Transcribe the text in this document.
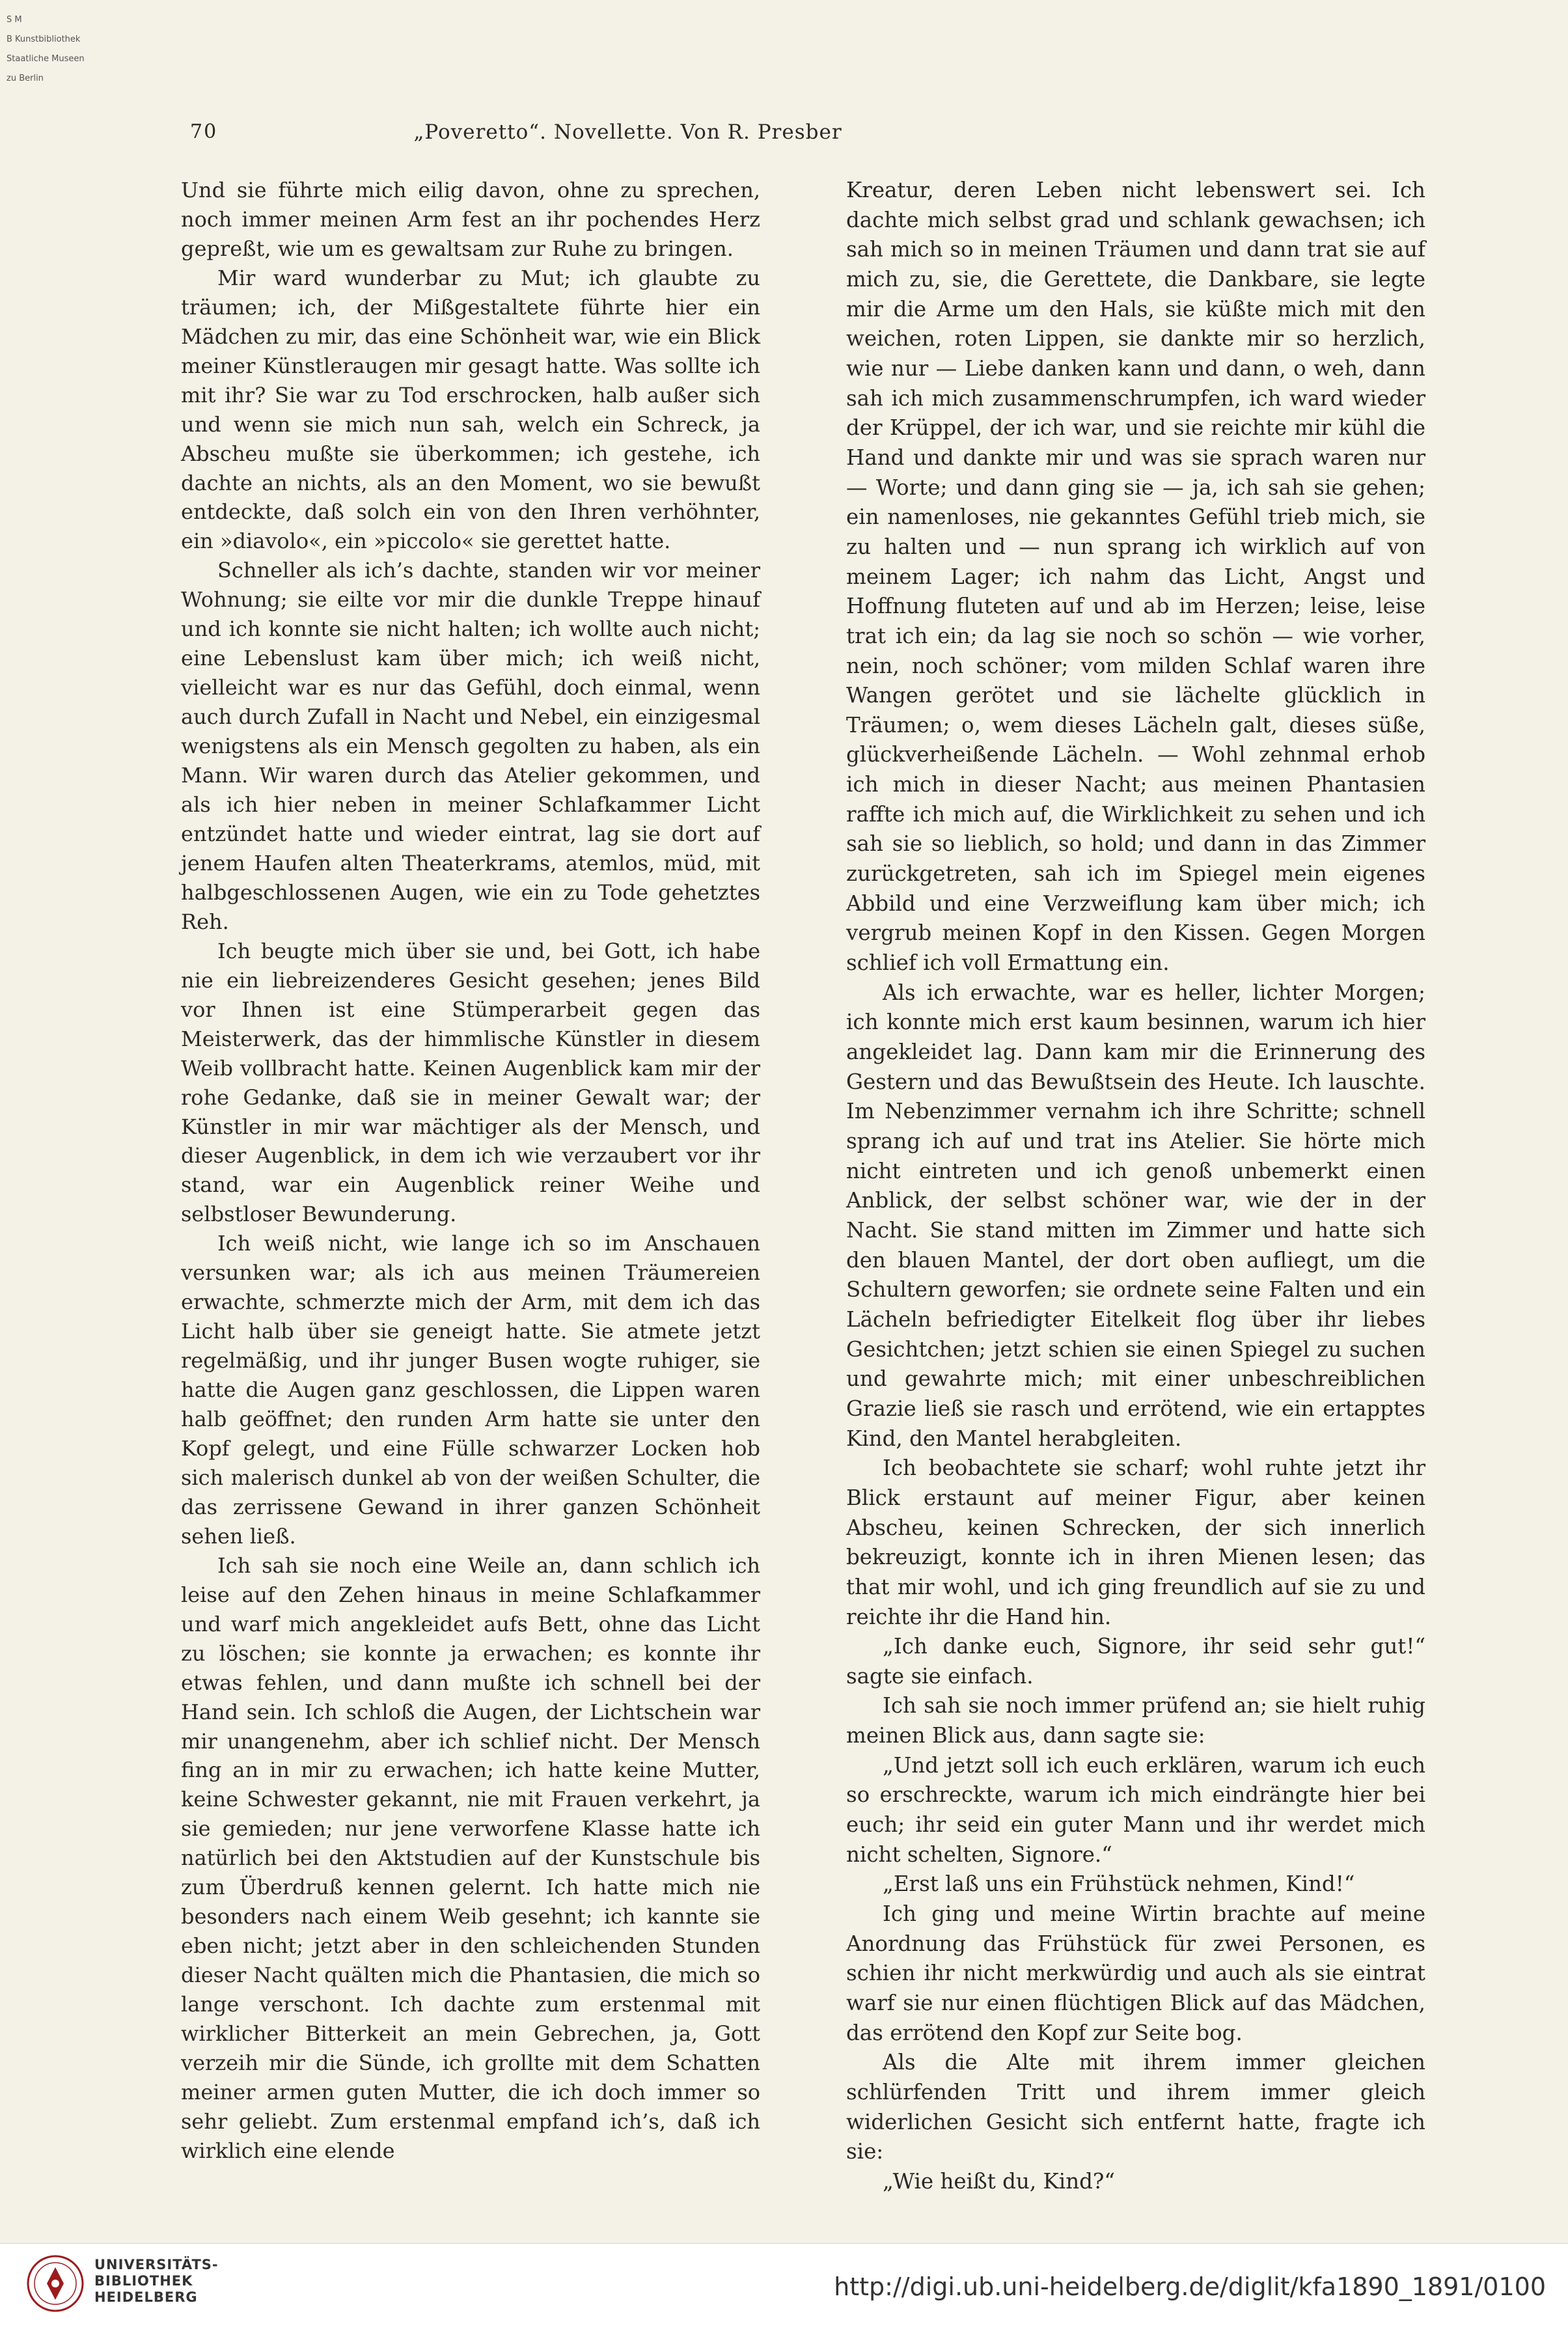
S M

B Kunstbibliothek

Staatliche Museen

zu Berlin

70	„Poveretto“. Novellette. Von R. Presber

Und sie führte mich eilig davon, ohne zu sprechen, noch immer meinen Arm fest an ihr pochendes Herz gepreßt, wie um es gewaltsam zur Ruhe zu bringen.

Mir ward wunderbar zu Mut; ich glaubte zu träumen; ich, der Mißgestaltete führte hier ein Mädchen zu mir, das eine Schönheit war, wie ein Blick meiner Künstleraugen mir gesagt hatte. Was sollte ich mit ihr? Sie war zu Tod erschrocken, halb außer sich und wenn sie mich nun sah, welch ein Schreck, ja Abscheu mußte sie überkommen; ich gestehe, ich dachte an nichts, als an den Moment, wo sie bewußt entdeckte, daß solch ein von den Ihren verhöhnter, ein »diavolo«, ein »piccolo« sie gerettet hatte.

Schneller als ich’s dachte, standen wir vor meiner Wohnung; sie eilte vor mir die dunkle Treppe hinauf und ich konnte sie nicht halten; ich wollte auch nicht; eine Lebenslust kam über mich; ich weiß nicht, vielleicht war es nur das Gefühl, doch einmal, wenn auch durch Zufall in Nacht und Nebel, ein einzigesmal wenigstens als ein Mensch gegolten zu haben, als ein Mann. Wir waren durch das Atelier gekommen, und als ich hier neben in meiner Schlafkammer Licht entzündet hatte und wieder eintrat, lag sie dort auf jenem Haufen alten Theaterkrams, atemlos, müd, mit halbgeschlossenen Augen, wie ein zu Tode gehetztes Reh.

Ich beugte mich über sie und, bei Gott, ich habe nie ein liebreizenderes Gesicht gesehen; jenes Bild vor Ihnen ist eine Stümperarbeit gegen das Meisterwerk, das der himmlische Künstler in diesem Weib vollbracht hatte. Keinen Augenblick kam mir der rohe Gedanke, daß sie in meiner Gewalt war; der Künstler in mir war mächtiger als der Mensch, und dieser Augenblick, in dem ich wie verzaubert vor ihr stand, war ein Augenblick reiner Weihe und selbstloser Bewunderung.

Ich weiß nicht, wie lange ich so im Anschauen versunken war; als ich aus meinen Träumereien erwachte, schmerzte mich der Arm, mit dem ich das Licht halb über sie geneigt hatte. Sie atmete jetzt regelmäßig, und ihr junger Busen wogte ruhiger, sie hatte die Augen ganz geschlossen, die Lippen waren halb geöffnet; den runden Arm hatte sie unter den Kopf gelegt, und eine Fülle schwarzer Locken hob sich malerisch dunkel ab von der weißen Schulter, die das zerrissene Gewand in ihrer ganzen Schönheit sehen ließ.

Ich sah sie noch eine Weile an, dann schlich ich leise auf den Zehen hinaus in meine Schlafkammer und warf mich angekleidet aufs Bett, ohne das Licht zu löschen; sie konnte ja erwachen; es konnte ihr etwas fehlen, und dann mußte ich schnell bei der Hand sein. Ich schloß die Augen, der Lichtschein war mir unangenehm, aber ich schlief nicht. Der Mensch fing an in mir zu erwachen; ich hatte keine Mutter, keine Schwester gekannt, nie mit Frauen verkehrt, ja sie gemieden; nur jene verworfene Klasse hatte ich natürlich bei den Aktstudien auf der Kunstschule bis zum Überdruß kennen gelernt. Ich hatte mich nie besonders nach einem Weib gesehnt; ich kannte sie eben nicht; jetzt aber in den schleichenden Stunden dieser Nacht quälten mich die Phantasien, die mich so lange verschont. Ich dachte zum erstenmal mit wirklicher Bitterkeit an mein Gebrechen, ja, Gott verzeih mir die Sünde, ich grollte mit dem Schatten meiner armen guten Mutter, die ich doch immer so sehr geliebt. Zum erstenmal empfand ich’s, daß ich wirklich eine elende

Kreatur, deren Leben nicht lebenswert sei. Ich dachte mich selbst grad und schlank gewachsen; ich sah mich so in meinen Träumen und dann trat sie auf mich zu, sie, die Gerettete, die Dankbare, sie legte mir die Arme um den Hals, sie küßte mich mit den weichen, roten Lippen, sie dankte mir so herzlich, wie nur — Liebe danken kann und dann, o weh, dann sah ich mich zusammenschrumpfen, ich ward wieder der Krüppel, der ich war, und sie reichte mir kühl die Hand und dankte mir und was sie sprach waren nur — Worte; und dann ging sie — ja, ich sah sie gehen; ein namenloses, nie gekanntes Gefühl trieb mich, sie zu halten und — nun sprang ich wirklich auf von meinem Lager; ich nahm das Licht, Angst und Hoffnung fluteten auf und ab im Herzen; leise, leise trat ich ein; da lag sie noch so schön — wie vorher, nein, noch schöner; vom milden Schlaf waren ihre Wangen gerötet und sie lächelte glücklich in Träumen; o, wem dieses Lächeln galt, dieses süße, glückverheißende Lächeln. — Wohl zehnmal erhob ich mich in dieser Nacht; aus meinen Phantasien raffte ich mich auf, die Wirklichkeit zu sehen und ich sah sie so lieblich, so hold; und dann in das Zimmer zurückgetreten, sah ich im Spiegel mein eigenes Abbild und eine Verzweiflung kam über mich; ich vergrub meinen Kopf in den Kissen. Gegen Morgen schlief ich voll Ermattung ein.

Als ich erwachte, war es heller, lichter Morgen; ich konnte mich erst kaum besinnen, warum ich hier angekleidet lag. Dann kam mir die Erinnerung des Gestern und das Bewußtsein des Heute. Ich lauschte. Im Nebenzimmer vernahm ich ihre Schritte; schnell sprang ich auf und trat ins Atelier. Sie hörte mich nicht eintreten und ich genoß unbemerkt einen Anblick, der selbst schöner war, wie der in der Nacht. Sie stand mitten im Zimmer und hatte sich den blauen Mantel, der dort oben aufliegt, um die Schultern geworfen; sie ordnete seine Falten und ein Lächeln befriedigter Eitelkeit flog über ihr liebes Gesichtchen; jetzt schien sie einen Spiegel zu suchen und gewahrte mich; mit einer unbeschreiblichen Grazie ließ sie rasch und errötend, wie ein ertapptes Kind, den Mantel herabgleiten.

Ich beobachtete sie scharf; wohl ruhte jetzt ihr Blick erstaunt auf meiner Figur, aber keinen Abscheu, keinen Schrecken, der sich innerlich bekreuzigt, konnte ich in ihren Mienen lesen; das that mir wohl, und ich ging freundlich auf sie zu und reichte ihr die Hand hin.

„Ich danke euch, Signore, ihr seid sehr gut!“ sagte sie einfach.

Ich sah sie noch immer prüfend an; sie hielt ruhig meinen Blick aus, dann sagte sie:

„Und jetzt soll ich euch erklären, warum ich euch so erschreckte, warum ich mich eindrängte hier bei euch; ihr seid ein guter Mann und ihr werdet mich nicht schelten, Signore.“

„Erst laß uns ein Frühstück nehmen, Kind!“

Ich ging und meine Wirtin brachte auf meine Anordnung das Frühstück für zwei Personen, es schien ihr nicht merkwürdig und auch als sie eintrat warf sie nur einen flüchtigen Blick auf das Mädchen, das errötend den Kopf zur Seite bog.

Als die Alte mit ihrem immer gleichen schlürfenden Tritt und ihrem immer gleich widerlichen Gesicht sich entfernt hatte, fragte ich sie:

„Wie heißt du, Kind?“

UNIVERSITÄTS-
BIBLIOTHEK
HEIDELBERG	http://digi.ub.uni-heidelberg.de/diglit/kfa1890_1891/0100
